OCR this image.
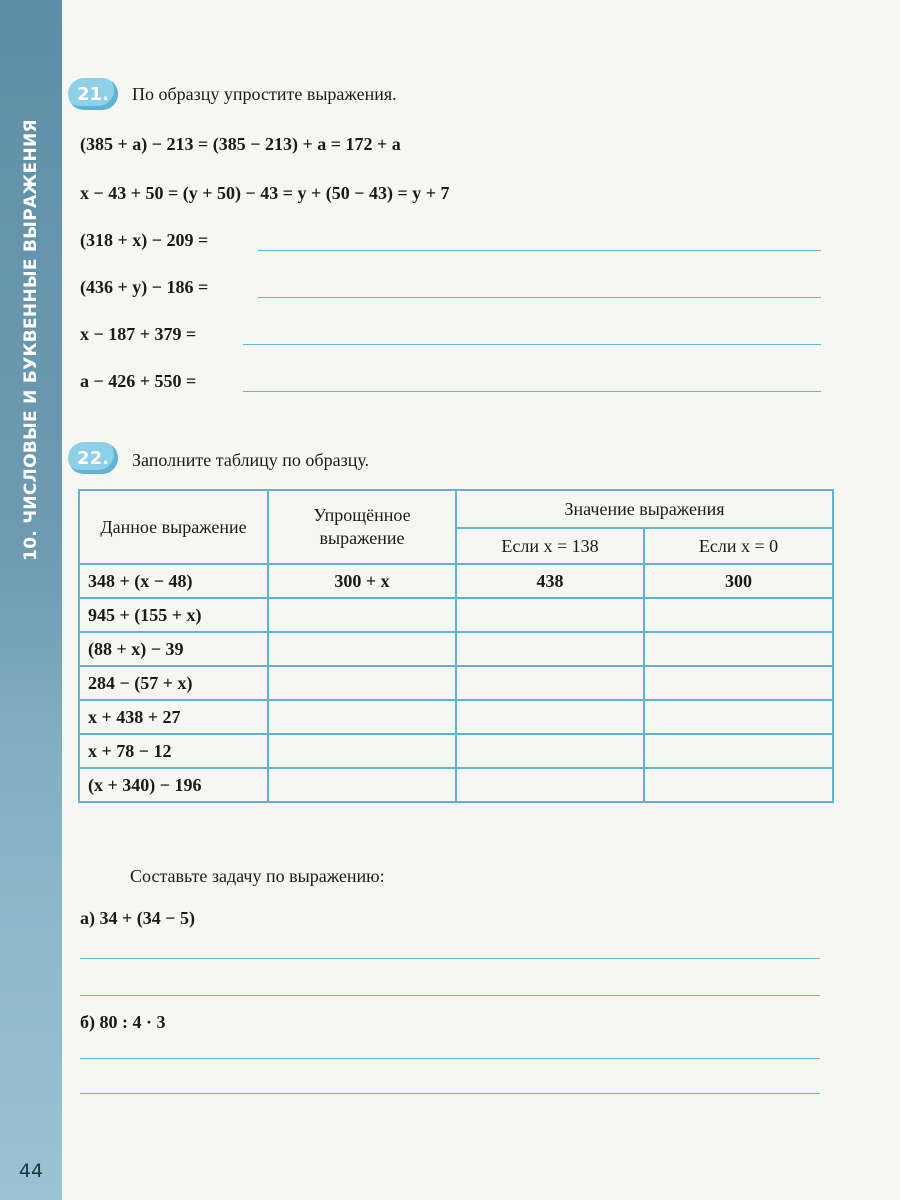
10. ЧИСЛОВЫЕ И БУКВЕННЫЕ ВЫРАЖЕНИЯ
44
21.	По образцу упростите выражения.
(385 + a) − 213 = (385 − 213) + a = 172 + a
x − 43 + 50 = (y + 50) − 43 = y + (50 − 43) = y + 7
(318 + x) − 209 =
(436 + y) − 186 =
x − 187 + 379 =
a − 426 + 550 =
22.	Заполните таблицу по образцу.
Данное выражение	Упрощённое выражение	Значение выражения	
		Если x = 138	Если x = 0
348 + (x − 48)	300 + x	438	300
945 + (155 + x)			
(88 + x) − 39			
284 − (57 + x)			
x + 438 + 27			
x + 78 − 12			
(x + 340) − 196			
Составьте задачу по выражению:
а) 34 + (34 − 5)
б) 80 : 4 · 3
